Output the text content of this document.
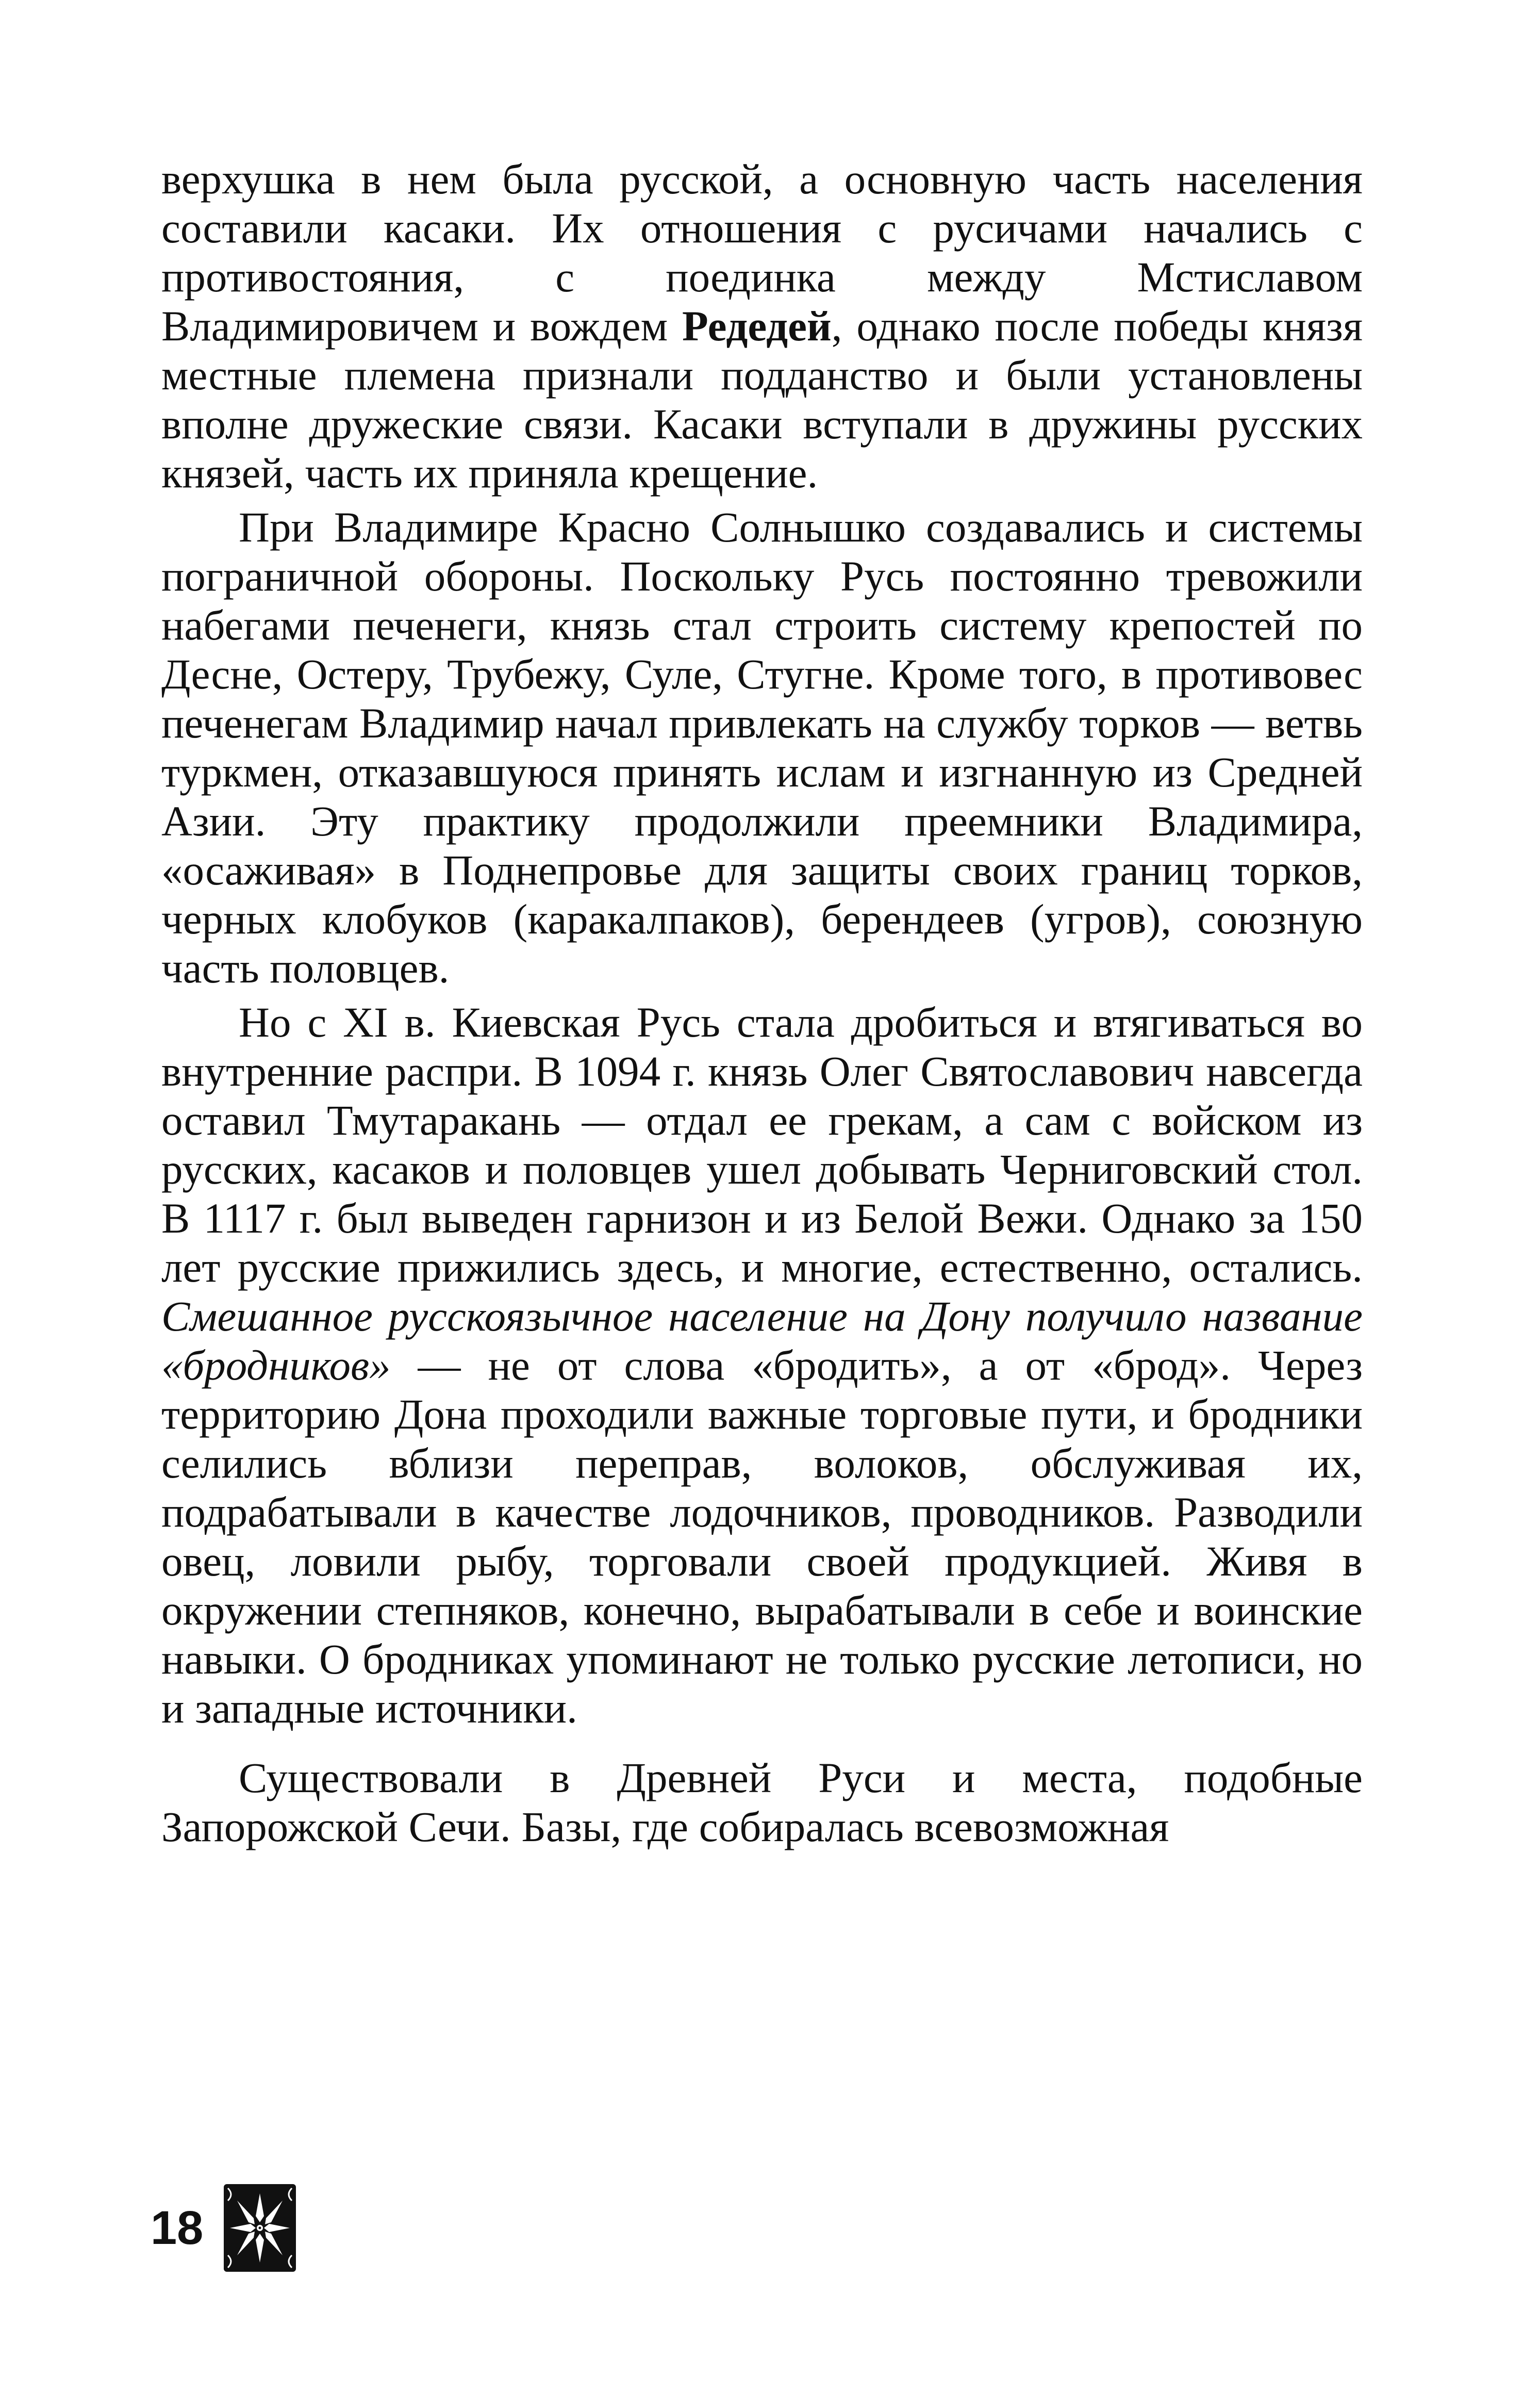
верхушка в нем была русской, а основную часть населения составили касаки. Их отношения с русичами начались с противостояния, с поединка между Мстиславом Владимировичем и вождем Редедей, однако после победы князя местные племена признали подданство и были установлены вполне дружеские связи. Касаки вступали в дружины русских князей, часть их приняла крещение.

При Владимире Красно Солнышко создавались и системы пограничной обороны. Поскольку Русь постоянно тревожили набегами печенеги, князь стал строить систему крепостей по Десне, Остеру, Трубежу, Суле, Стугне. Кроме того, в противовес печенегам Владимир начал привлекать на службу торков — ветвь туркмен, отказавшуюся принять ислам и изгнанную из Средней Азии. Эту практику продолжили преемники Владимира, «осаживая» в Поднепровье для защиты своих границ торков, черных клобуков (каракалпаков), берендеев (угров), союзную часть половцев.

Но с XI в. Киевская Русь стала дробиться и втягиваться во внутренние распри. В 1094 г. князь Олег Святославович навсегда оставил Тмутаракань — отдал ее грекам, а сам с войском из русских, касаков и половцев ушел добывать Черниговский стол. В 1117 г. был выведен гарнизон и из Белой Вежи. Однако за 150 лет русские прижились здесь, и многие, естественно, остались. Смешанное русскоязычное население на Дону получило название «бродников» — не от слова «бродить», а от «брод». Через территорию Дона проходили важные торговые пути, и бродники селились вблизи переправ, волоков, обслуживая их, подрабатывали в качестве лодочников, проводников. Разводили овец, ловили рыбу, торговали своей продукцией. Живя в окружении степняков, конечно, вырабатывали в себе и воинские навыки. О бродниках упоминают не только русские летописи, но и западные источники.

Существовали в Древней Руси и места, подобные Запорожской Сечи. Базы, где собиралась всевозможная

18
